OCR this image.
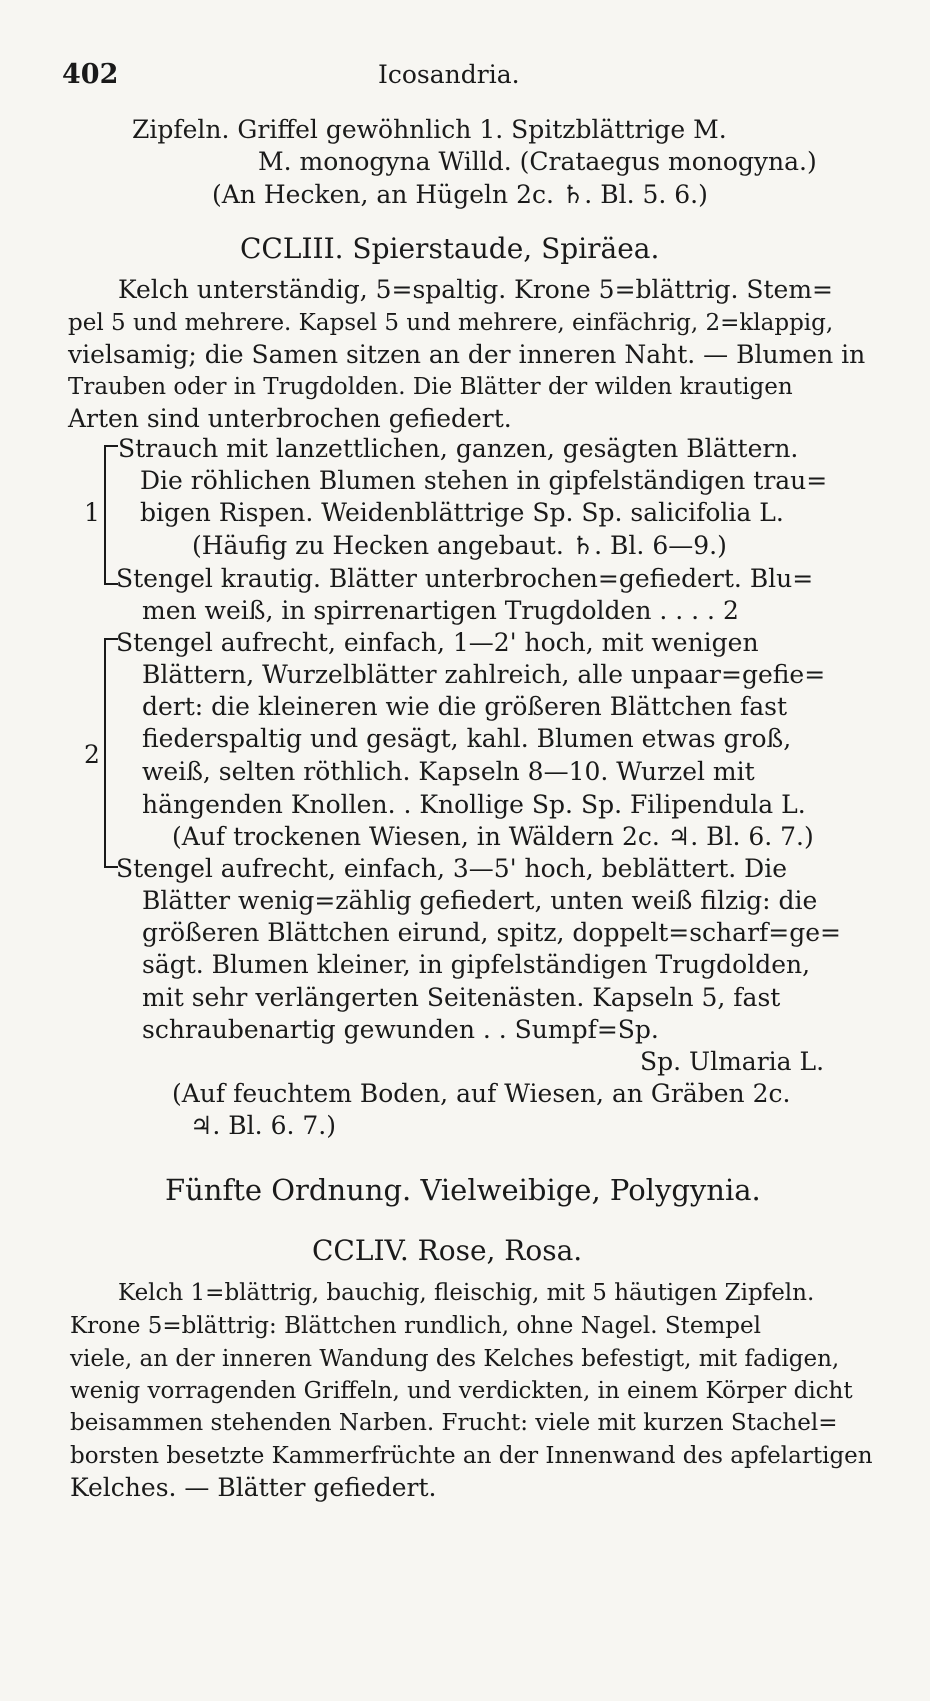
402	Icosandria.
Zipfeln. Griffel gewöhnlich 1. Spitzblättrige M.
M. monogyna Willd. (Crataegus monogyna.)
(An Hecken, an Hügeln 2c. ♄. Bl. 5. 6.)
CCLIII. Spierstaude, Spiräea.
Kelch unterständig, 5=spaltig. Krone 5=blättrig. Stem=
pel 5 und mehrere. Kapsel 5 und mehrere, einfächrig, 2=klappig,
vielsamig; die Samen sitzen an der inneren Naht. — Blumen in
Trauben oder in Trugdolden. Die Blätter der wilden krautigen
Arten sind unterbrochen gefiedert.
1
Strauch mit lanzettlichen, ganzen, gesägten Blättern.
Die röhlichen Blumen stehen in gipfelständigen trau=
bigen Rispen. Weidenblättrige Sp. Sp. salicifolia L.
(Häufig zu Hecken angebaut. ♄. Bl. 6—9.)
Stengel krautig. Blätter unterbrochen=gefiedert. Blu=
men weiß, in spirrenartigen Trugdolden . . . . 2
2
Stengel aufrecht, einfach, 1—2' hoch, mit wenigen
Blättern, Wurzelblätter zahlreich, alle unpaar=gefie=
dert: die kleineren wie die größeren Blättchen fast
fiederspaltig und gesägt, kahl. Blumen etwas groß,
weiß, selten röthlich. Kapseln 8—10. Wurzel mit
hängenden Knollen. . Knollige Sp. Sp. Filipendula L.
(Auf trockenen Wiesen, in Wäldern 2c. ♃. Bl. 6. 7.)
Stengel aufrecht, einfach, 3—5' hoch, beblättert. Die
Blätter wenig=zählig gefiedert, unten weiß filzig: die
größeren Blättchen eirund, spitz, doppelt=scharf=ge=
sägt. Blumen kleiner, in gipfelständigen Trugdolden,
mit sehr verlängerten Seitenästen. Kapseln 5, fast
schraubenartig gewunden . . Sumpf=Sp.
Sp. Ulmaria L.
(Auf feuchtem Boden, auf Wiesen, an Gräben 2c.
♃. Bl. 6. 7.)
Fünfte Ordnung. Vielweibige, Polygynia.
CCLIV. Rose, Rosa.
Kelch 1=blättrig, bauchig, fleischig, mit 5 häutigen Zipfeln.
Krone 5=blättrig: Blättchen rundlich, ohne Nagel. Stempel
viele, an der inneren Wandung des Kelches befestigt, mit fadigen,
wenig vorragenden Griffeln, und verdickten, in einem Körper dicht
beisammen stehenden Narben. Frucht: viele mit kurzen Stachel=
borsten besetzte Kammerfrüchte an der Innenwand des apfelartigen
Kelches. — Blätter gefiedert.
